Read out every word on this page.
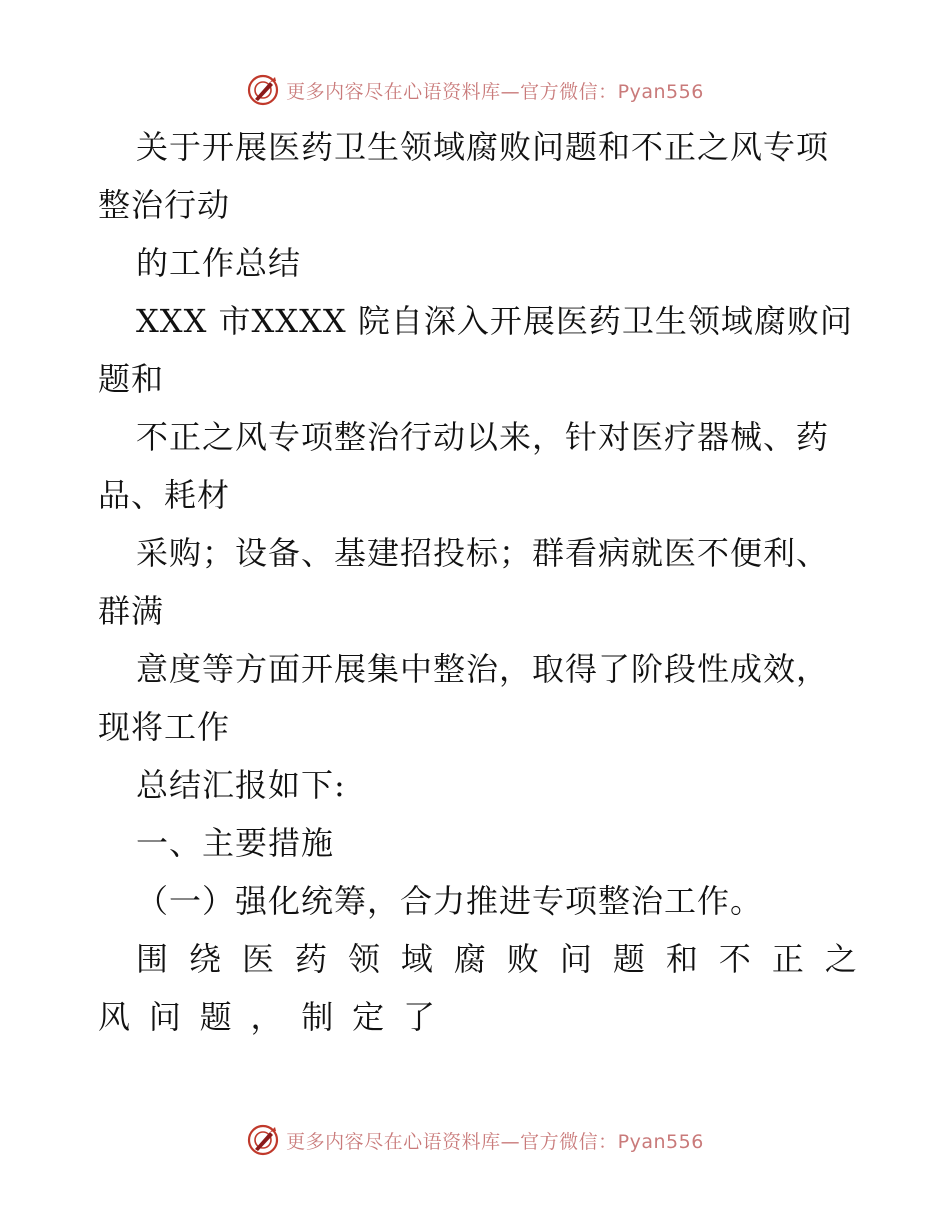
更多内容尽在心语资料库—官方微信：Pyan556
关于开展医药卫生领域腐败问题和不正之风专项
整治行动
的工作总结
XXX 市XXXX 院自深入开展医药卫生领域腐败问
题和
不正之风专项整治行动以来，针对医疗器械、药
品、耗材
采购；设备、基建招投标；群看病就医不便利、
群满
意度等方面开展集中整治，取得了阶段性成效，
现将工作
总结汇报如下:
一、主要措施
（一）强化统筹，合力推进专项整治工作。
围 绕 医 药 领 域 腐 败 问 题 和 不 正 之
风 问 题 ， 制 定 了
更多内容尽在心语资料库—官方微信：Pyan556
